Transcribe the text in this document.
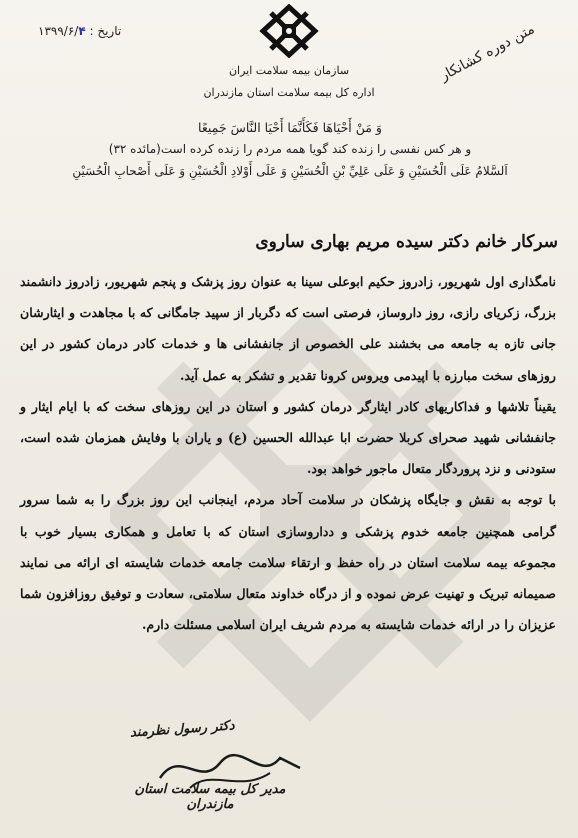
تاریخ : ۱۳۹۹/۶/۴
سازمان بیمه سلامت ایران
اداره کل بیمه سلامت استان مازندران
متن دوره کشانکار
وَ مَنْ أَحْيَاهَا فَكَأَنَّمَا أَحْيَا النَّاسَ جَمِيعًا
و هر کس نفسی را زنده کند گویا همه مردم را زنده کرده است(مائده ۳۲)
اَلسَّلامُ عَلَى الْحُسَيْنِ وَ عَلَى عَلِيِّ بْنِ الْحُسَيْنِ وَ عَلَى أَوْلادِ الْحُسَيْنِ وَ عَلَى أَصْحابِ الْحُسَيْنِ
سرکار خانم دکتر سیده مریم بهاری ساروی

نامگذاری اول شهریور، زادروز حکیم ابوعلی سینا به عنوان روز پزشک و پنجم شهریور، زادروز دانشمند بزرگ، زکریای رازی، روز داروساز، فرصتی است که دگربار از سپید جامگانی که با مجاهدت و ایثارشان جانی تازه به جامعه می بخشند علی الخصوص از جانفشانی ها و خدمات کادر درمان کشور در این روزهای سخت مبارزه با اپیدمی ویروس کرونا تقدیر و تشکر به عمل آید.

یقیناً تلاشها و فداکاریهای کادر ایثارگر درمان کشور و استان در این روزهای سخت که با ایام ایثار و جانفشانی شهید صحرای کربلا حضرت ابا عبدالله الحسین (ع) و یاران با وفایش همزمان شده است، ستودنی و نزد پروردگار متعال ماجور خواهد بود.

با توجه به نقش و جایگاه پزشکان در سلامت آحاد مردم، اینجانب این روز بزرگ را به شما سرور گرامی همچنین جامعه خدوم پزشکی و دداروسازی استان که با تعامل و همکاری بسیار خوب با مجموعه بیمه سلامت استان در راه حفظ و ارتقاء سلامت جامعه خدمات شایسته ای ارائه می نمایند صمیمانه تبریک و تهنیت عرض نموده و از درگاه خداوند متعال سلامتی، سعادت و توفیق روزافزون شما عزیزان را در ارائه خدمات شایسته به مردم شریف ایران اسلامی مسئلت دارم.

دکتر رسول نظرمند
مدیر کل بیمه سلامت استان مازندران
